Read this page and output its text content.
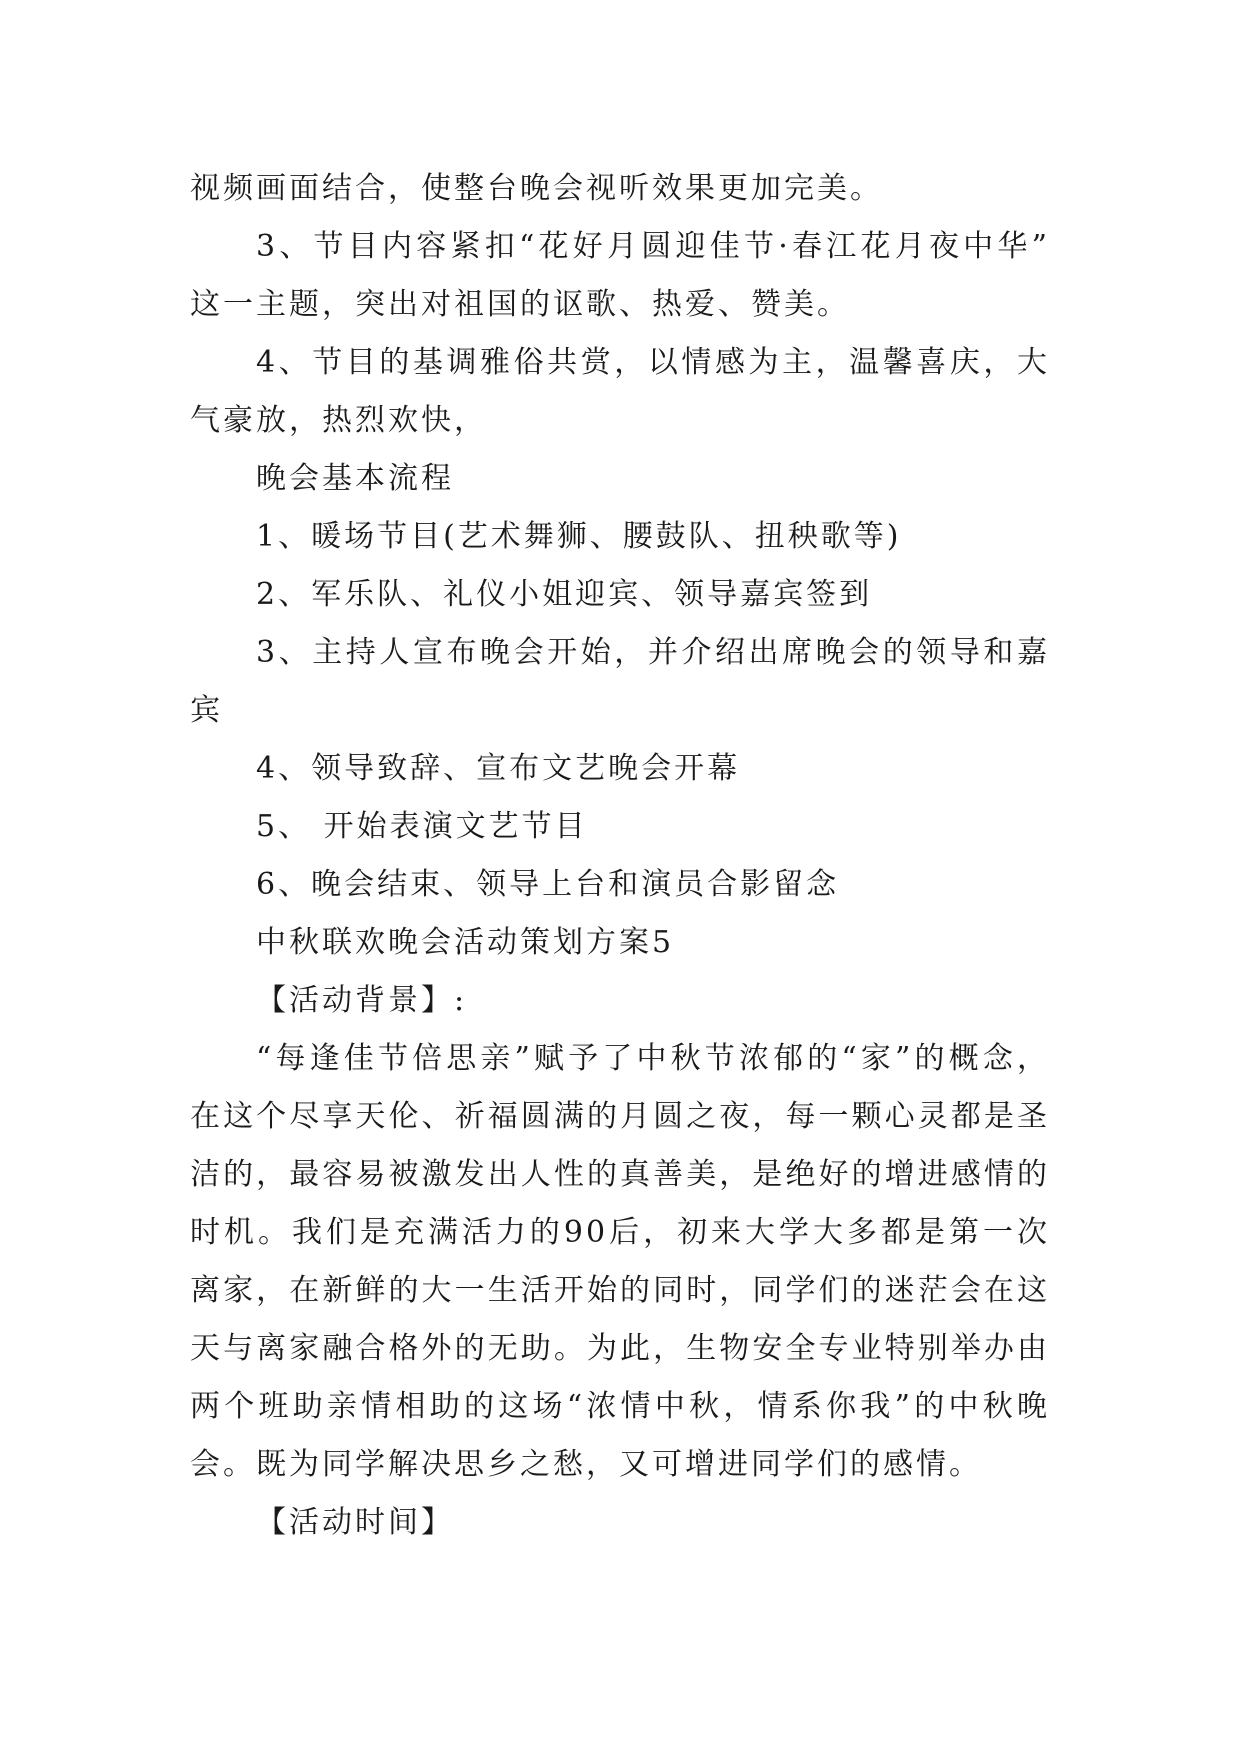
视频画面结合，使整台晚会视听效果更加完美。
3、节目内容紧扣“花好月圆迎佳节·春江花月夜中华”
这一主题，突出对祖国的讴歌、热爱、赞美。
4、节目的基调雅俗共赏，以情感为主，温馨喜庆，大
气豪放，热烈欢快，
晚会基本流程
1、暖场节目(艺术舞狮、腰鼓队、扭秧歌等)
2、军乐队、礼仪小姐迎宾、领导嘉宾签到
3、主持人宣布晚会开始，并介绍出席晚会的领导和嘉
宾
4、领导致辞、宣布文艺晚会开幕
5、 开始表演文艺节目
6、晚会结束、领导上台和演员合影留念
中秋联欢晚会活动策划方案5
【活动背景】:
“每逢佳节倍思亲”赋予了中秋节浓郁的“家”的概念，
在这个尽享天伦、祈福圆满的月圆之夜，每一颗心灵都是圣
洁的，最容易被激发出人性的真善美，是绝好的增进感情的
时机。我们是充满活力的90后，初来大学大多都是第一次
离家，在新鲜的大一生活开始的同时，同学们的迷茫会在这
天与离家融合格外的无助。为此，生物安全专业特别举办由
两个班助亲情相助的这场“浓情中秋，情系你我”的中秋晚
会。既为同学解决思乡之愁，又可增进同学们的感情。
【活动时间】
